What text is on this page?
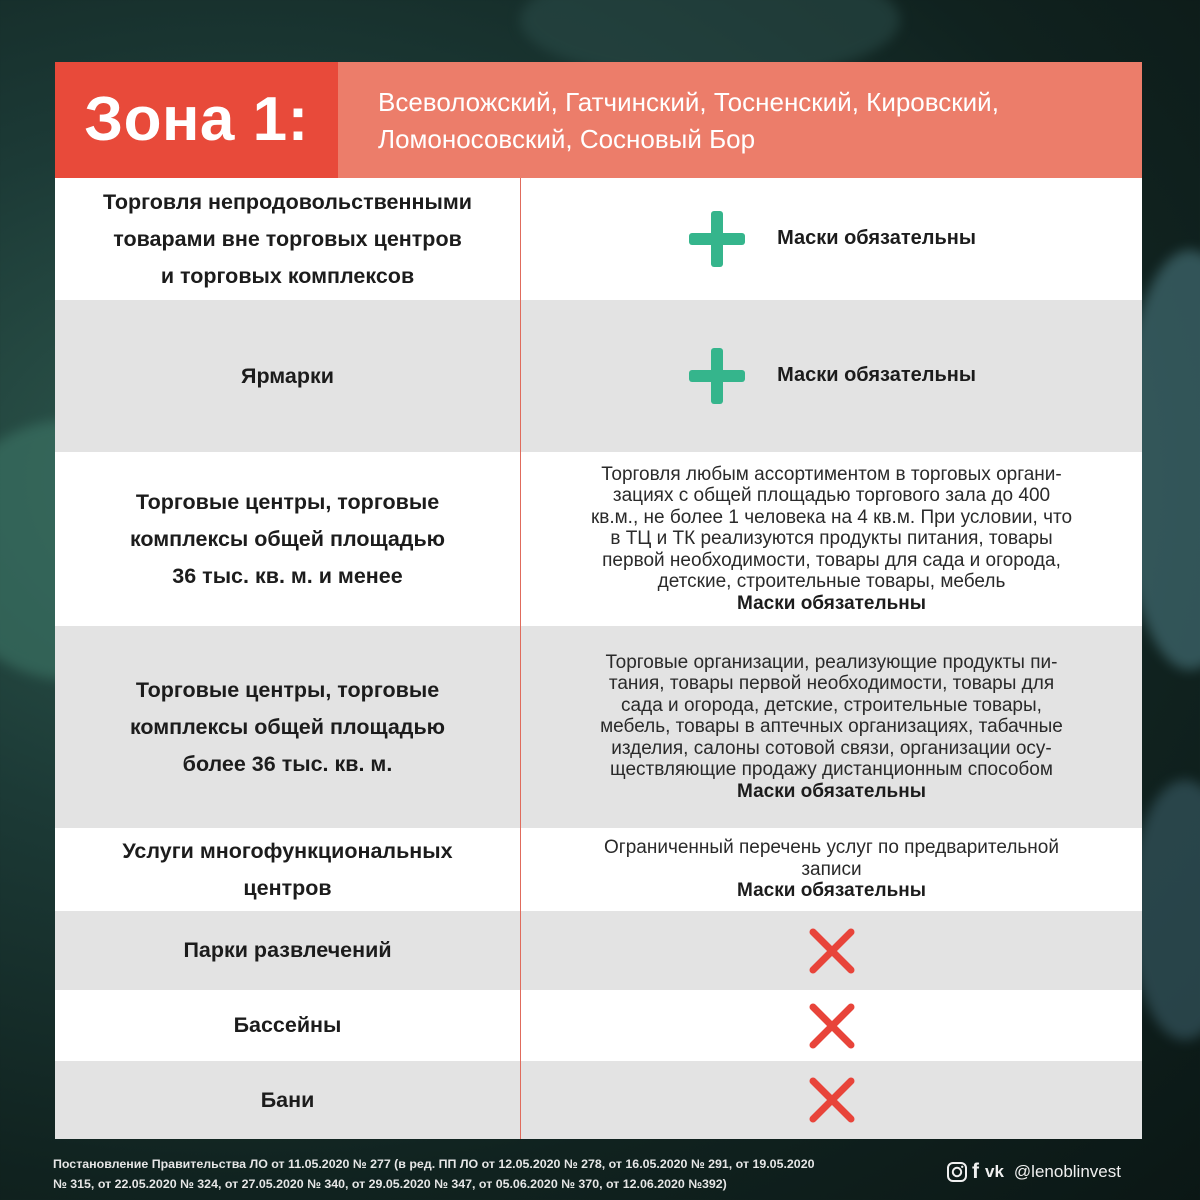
Зона 1:	Всеволожский, Гатчинский, Тосненский, Кировский,
Ломоносовский, Сосновый Бор
Торговля непродовольственными
товарами вне торговых центров
и торговых комплексов
Маски обязательны
Ярмарки	Маски обязательны
Торговые центры, торговые
комплексы общей площадью
36 тыс. кв. м. и менее
Торговля любым ассортиментом в торговых органи-
зациях с общей площадью торгового зала до 400
кв.м., не более 1 человека на 4 кв.м. При условии, что
в ТЦ и ТК реализуются продукты питания, товары
первой необходимости, товары для сада и огорода,
детские, строительные товары, мебель
Маски обязательны
Торговые центры, торговые
комплексы общей площадью
более 36 тыс. кв. м.
Торговые организации, реализующие продукты пи-
тания, товары первой необходимости, товары для
сада и огорода, детские, строительные товары,
мебель, товары в аптечных организациях, табачные
изделия, салоны сотовой связи, организации осу-
ществляющие продажу дистанционным способом
Маски обязательны
Услуги многофункциональных
центров
Ограниченный перечень услуг по предварительной
записи
Маски обязательны
Парки развлечений
Бассейны
Бани
Постановление Правительства ЛО от 11.05.2020 № 277 (в ред. ПП ЛО от 12.05.2020 № 278, от 16.05.2020 № 291, от 19.05.2020
№ 315, от 22.05.2020 № 324, от 27.05.2020 № 340, от 29.05.2020 № 347, от 05.06.2020 № 370, от 12.06.2020 №392)
f vk @lenoblinvest
